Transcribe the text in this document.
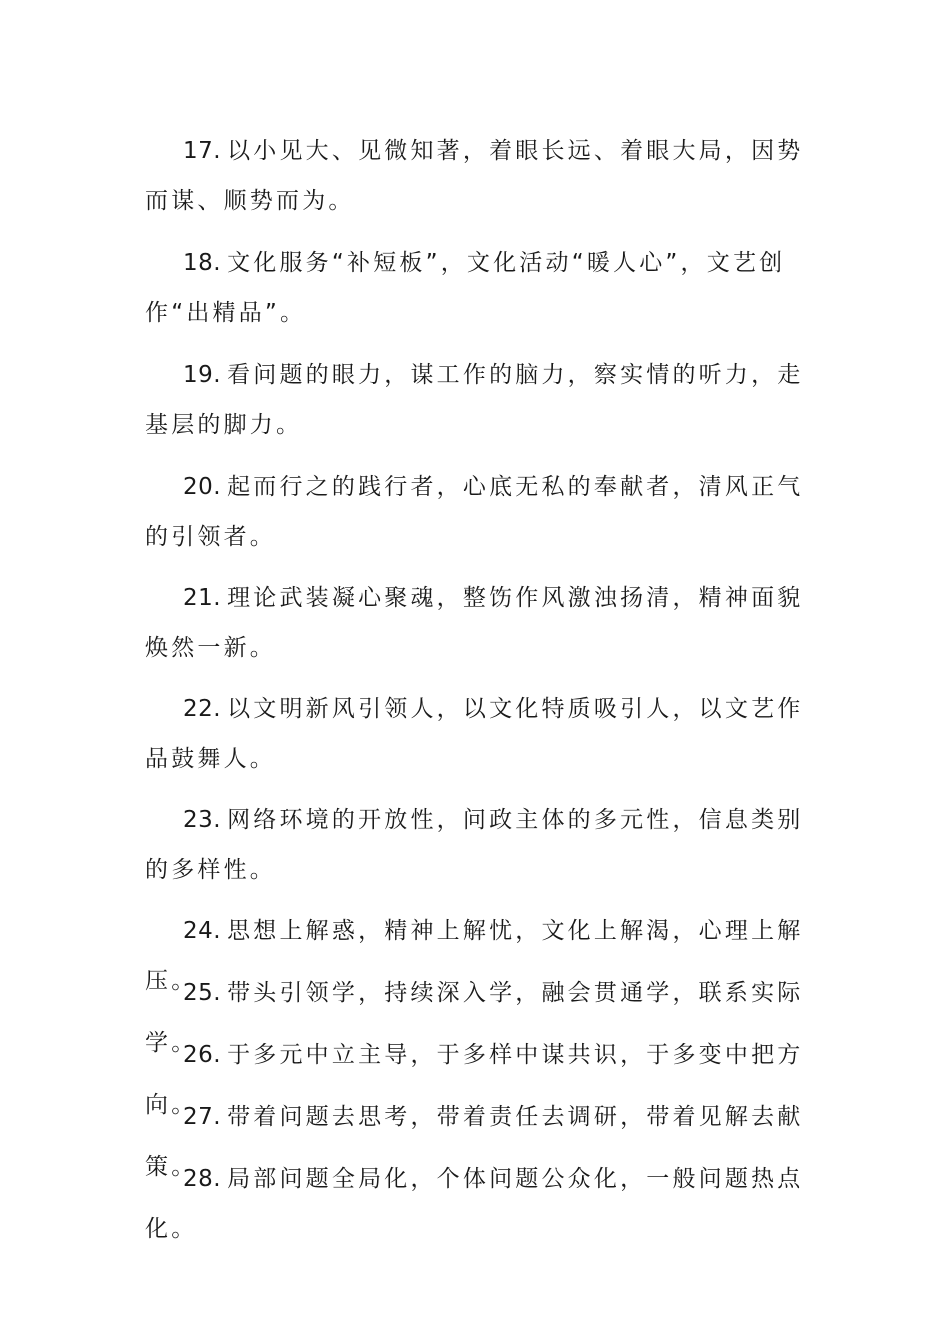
17. 以小见大、见微知著，着眼长远、着眼大局，因势而谋、顺势而为。

18. 文化服务“补短板”，文化活动“暖人心”，文艺创作“出精品”。

19. 看问题的眼力，谋工作的脑力，察实情的听力，走基层的脚力。

20. 起而行之的践行者，心底无私的奉献者，清风正气的引领者。

21. 理论武装凝心聚魂，整饬作风激浊扬清，精神面貌焕然一新。

22. 以文明新风引领人，以文化特质吸引人，以文艺作品鼓舞人。

23. 网络环境的开放性，问政主体的多元性，信息类别的多样性。

24. 思想上解惑，精神上解忧，文化上解渴，心理上解压。

25. 带头引领学，持续深入学，融会贯通学，联系实际学。

26. 于多元中立主导，于多样中谋共识，于多变中把方向。

27. 带着问题去思考，带着责任去调研，带着见解去献策。

28. 局部问题全局化，个体问题公众化，一般问题热点化。
